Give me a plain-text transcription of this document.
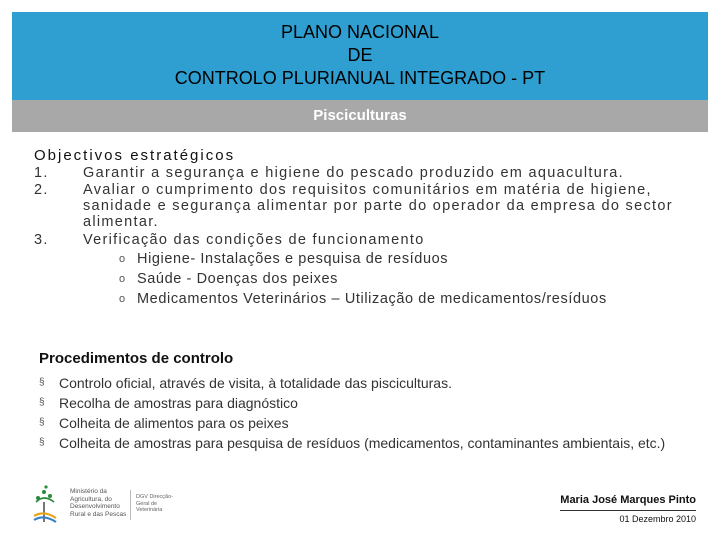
PLANO NACIONAL
DE
CONTROLO PLURIANUAL INTEGRADO - PT
Pisciculturas
Objectivos estratégicos
1. Garantir a segurança e higiene do pescado produzido em aquacultura.
2. Avaliar o cumprimento dos requisitos comunitários em matéria de higiene, sanidade e segurança alimentar por parte do operador da empresa do sector alimentar.
3. Verificação das condições de funcionamento
o Higiene- Instalações e pesquisa de resíduos
o Saúde - Doenças dos peixes
o Medicamentos Veterinários – Utilização de medicamentos/resíduos
Procedimentos de controlo
§ Controlo oficial, através de visita, à totalidade das pisciculturas.
§ Recolha de amostras para diagnóstico
§ Colheita de alimentos para os peixes
§ Colheita de amostras para pesquisa de resíduos (medicamentos, contaminantes ambientais, etc.)
Ministério da Agricultura, do Desenvolvimento Rural e das Pescas
DGV Direcção-Geral de Veterinária
Maria José Marques Pinto
01 Dezembro 2010
